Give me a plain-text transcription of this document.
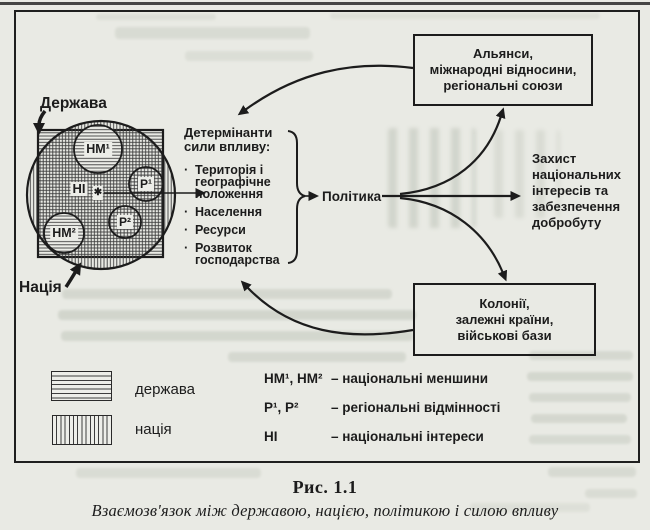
Держава
Нація
НМ¹
НМ²
Р¹
Р²
НІ ✱
Детермінанти
сили впливу:
· Територія і
географічне
положення
· Населення
· Ресурси
· Розвиток
господарства
Політика
Захист
національних
інтересів та
забезпечення
добробуту
Альянси,
міжнародні відносини,
регіональні союзи
Колонії,
залежні країни,
військові бази
держава
нація
НМ¹, НМ² – національні меншини
Р¹, Р² – регіональні відмінності
НІ	– національні інтереси
Рис. 1.1
Взаємозв'язок між державою, нацією, політикою і силою впливу
